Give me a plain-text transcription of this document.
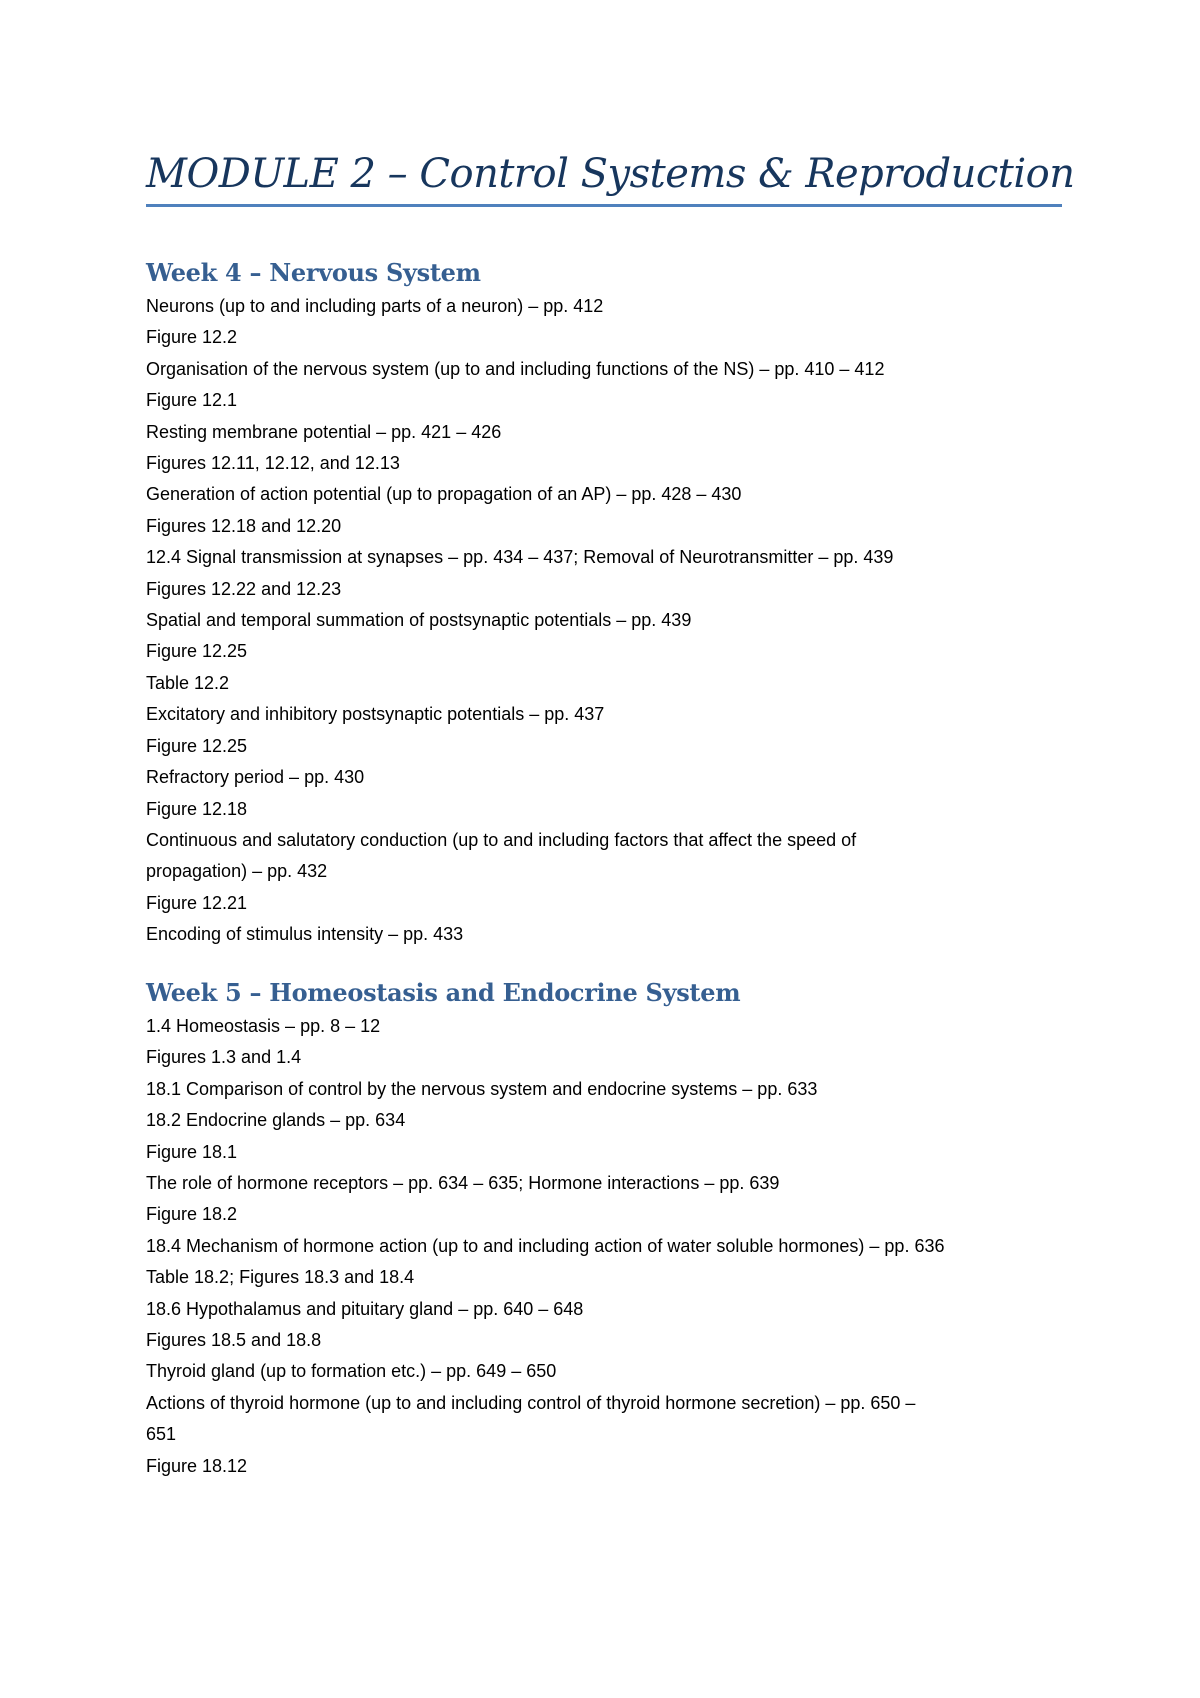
MODULE 2 – Control Systems & Reproduction
Week 4 – Nervous System
Neurons (up to and including parts of a neuron) – pp. 412
Figure 12.2
Organisation of the nervous system (up to and including functions of the NS) – pp. 410 – 412
Figure 12.1
Resting membrane potential – pp. 421 – 426
Figures 12.11, 12.12, and 12.13
Generation of action potential (up to propagation of an AP) – pp. 428 – 430
Figures 12.18 and 12.20
12.4 Signal transmission at synapses – pp. 434 – 437; Removal of Neurotransmitter – pp. 439
Figures 12.22 and 12.23
Spatial and temporal summation of postsynaptic potentials – pp. 439
Figure 12.25
Table 12.2
Excitatory and inhibitory postsynaptic potentials – pp. 437
Figure 12.25
Refractory period – pp. 430
Figure 12.18
Continuous and salutatory conduction (up to and including factors that affect the speed of
propagation) – pp. 432
Figure 12.21
Encoding of stimulus intensity – pp. 433
Week 5 – Homeostasis and Endocrine System
1.4 Homeostasis – pp. 8 – 12
Figures 1.3 and 1.4
18.1 Comparison of control by the nervous system and endocrine systems – pp. 633
18.2 Endocrine glands – pp. 634
Figure 18.1
The role of hormone receptors – pp. 634 – 635; Hormone interactions – pp. 639
Figure 18.2
18.4 Mechanism of hormone action (up to and including action of water soluble hormones) – pp. 636
Table 18.2; Figures 18.3 and 18.4
18.6 Hypothalamus and pituitary gland – pp. 640 – 648
Figures 18.5 and 18.8
Thyroid gland (up to formation etc.) – pp. 649 – 650
Actions of thyroid hormone (up to and including control of thyroid hormone secretion) – pp. 650 –
651
Figure 18.12
